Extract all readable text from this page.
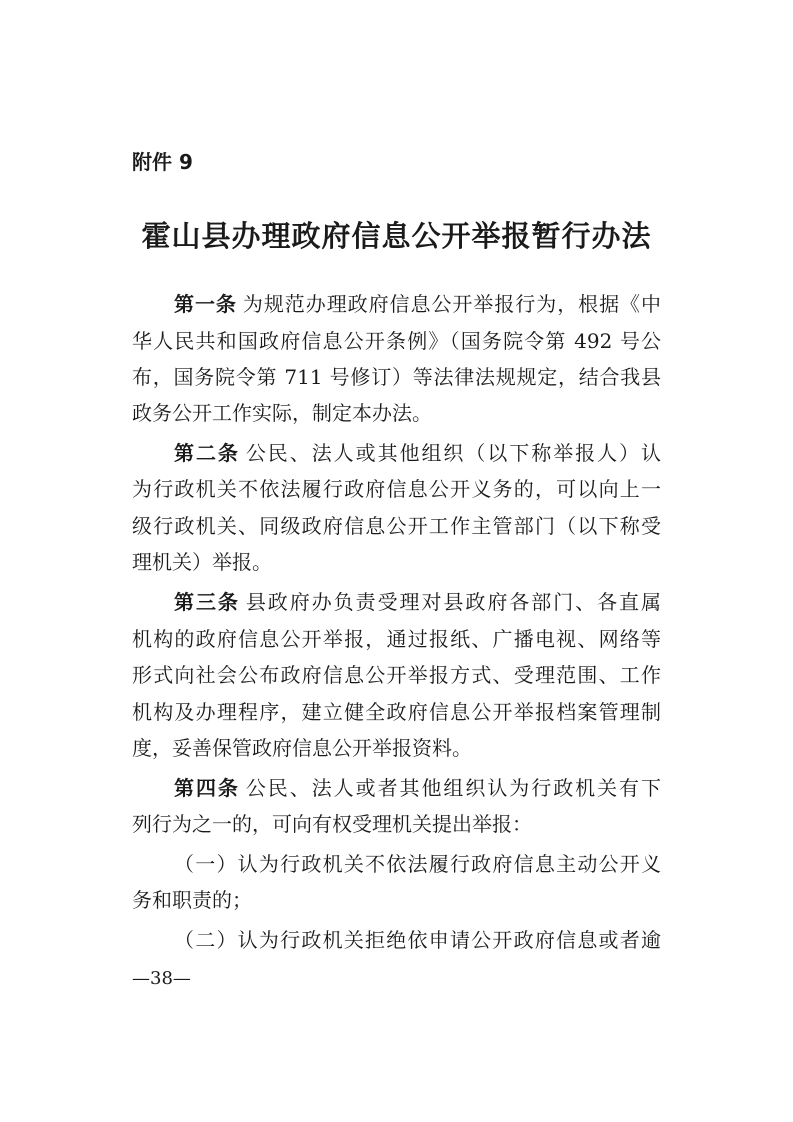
附件 9
霍山县办理政府信息公开举报暂行办法
第一条 为规范办理政府信息公开举报行为，根据《中
华人民共和国政府信息公开条例》（国务院令第 492 号公
布，国务院令第 711 号修订）等法律法规规定，结合我县
政务公开工作实际，制定本办法。
第二条 公民、法人或其他组织（以下称举报人）认
为行政机关不依法履行政府信息公开义务的，可以向上一
级行政机关、同级政府信息公开工作主管部门（以下称受
理机关）举报。
第三条 县政府办负责受理对县政府各部门、各直属
机构的政府信息公开举报，通过报纸、广播电视、网络等
形式向社会公布政府信息公开举报方式、受理范围、工作
机构及办理程序，建立健全政府信息公开举报档案管理制
度，妥善保管政府信息公开举报资料。
第四条 公民、法人或者其他组织认为行政机关有下
列行为之一的，可向有权受理机关提出举报：
（一）认为行政机关不依法履行政府信息主动公开义
务和职责的；
（二）认为行政机关拒绝依申请公开政府信息或者逾
—38—
